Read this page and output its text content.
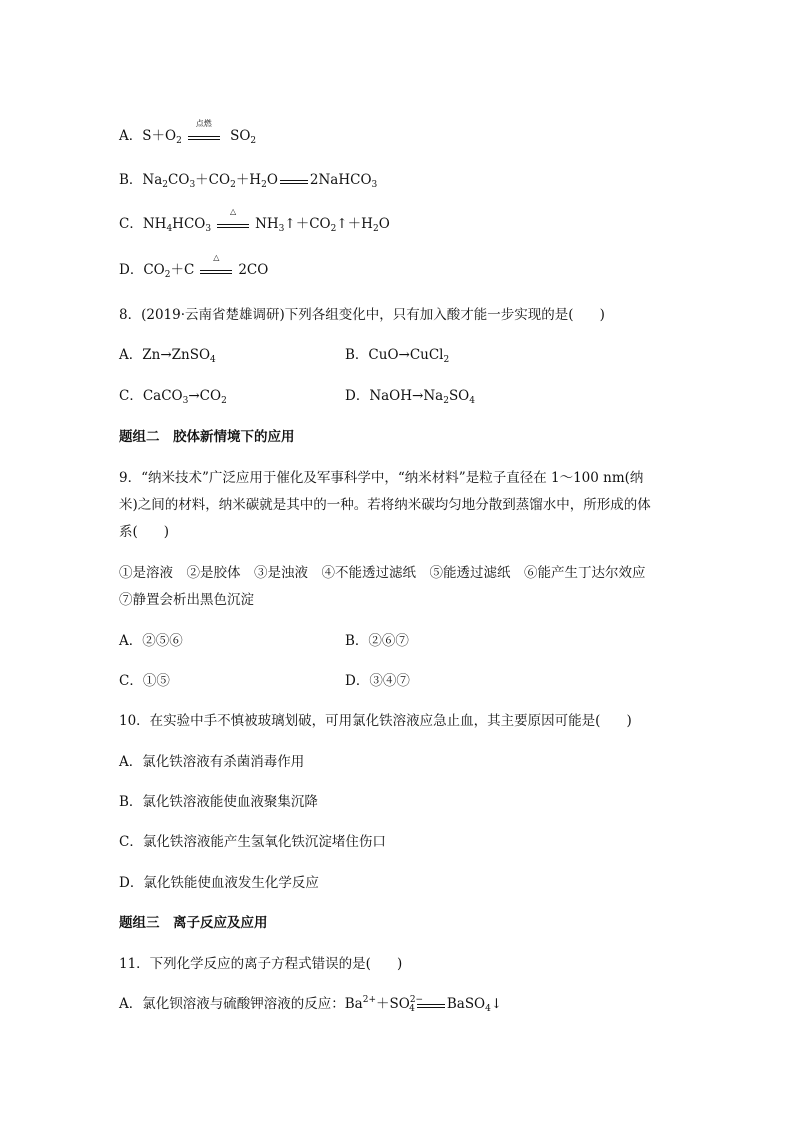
A．$S+O_2$
点燃
$SO_2$
B．$Na_2CO_3+CO_2+H_2O$ 2NaHCO$_3$
C．$NH_4HCO_3$
△
$NH_3↑+CO_2↑+H_2O$
D．$CO_2+C$
△
2CO
8．(2019·云南省楚雄调研)下列各组变化中，只有加入酸才能一步实现的是( )
A．Zn→ZnSO$_4$	B．CuO→CuCl$_2$
C．$CaCO_3\to CO_2$	D．$NaOH\to Na_2SO_4$
题组二　胶体新情境下的应用
9．“纳米技术”广泛应用于催化及军事科学中，“纳米材料”是粒子直径在 1～100 nm(纳
米)之间的材料，纳米碳就是其中的一种。若将纳米碳均匀地分散到蒸馏水中，所形成的体
系( )
①是溶液　②是胶体　③是浊液　④不能透过滤纸　⑤能透过滤纸　⑥能产生丁达尔效应
⑦静置会析出黑色沉淀
A．②⑤⑥	B．②⑥⑦
C．①⑤	D．③④⑦
10．在实验中手不慎被玻璃划破，可用氯化铁溶液应急止血，其主要原因可能是( )
A．氯化铁溶液有杀菌消毒作用
B．氯化铁溶液能使血液聚集沉降
C．氯化铁溶液能产生氢氧化铁沉淀堵住伤口
D．氯化铁能使血液发生化学反应
题组三　离子反应及应用
11．下列化学反应的离子方程式错误的是( )
A．氯化钡溶液与硫酸钾溶液的反应：$Ba^{2+}+SO^{2-}_4$ BaSO$_4$↓
